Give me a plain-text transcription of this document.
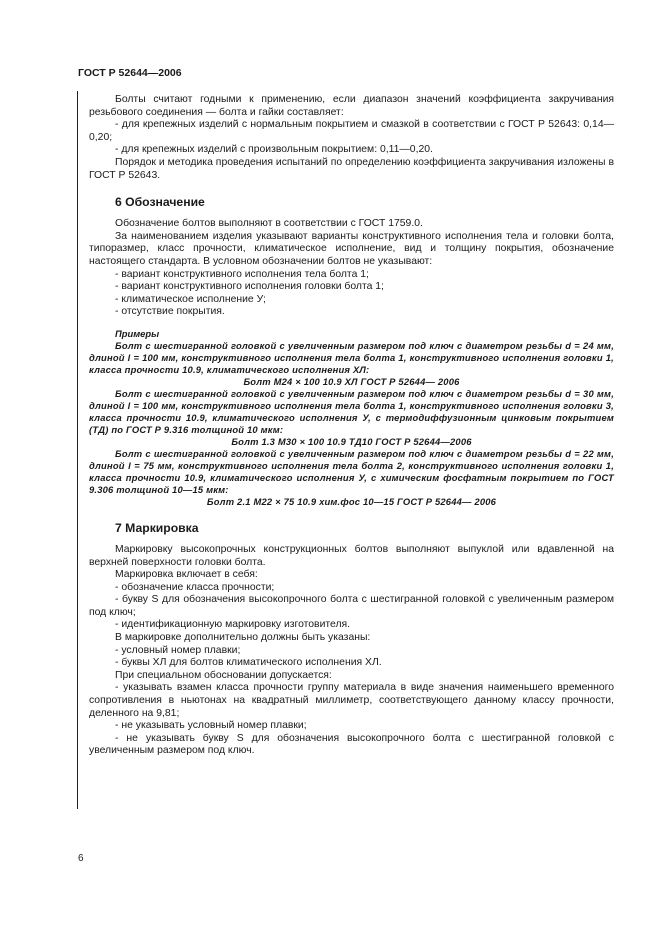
ГОСТ Р 52644—2006

Болты считают годными к применению, если диапазон значений коэффициента закручивания резьбового соединения — болта и гайки составляет:

- для крепежных изделий с нормальным покрытием и смазкой в соответствии с ГОСТ Р 52643: 0,14—0,20;

- для крепежных изделий с произвольным покрытием: 0,11—0,20.

Порядок и методика проведения испытаний по определению коэффициента закручивания изложены в ГОСТ Р 52643.

6 Обозначение

Обозначение болтов выполняют в соответствии с ГОСТ 1759.0.

За наименованием изделия указывают варианты конструктивного исполнения тела и головки болта, типоразмер, класс прочности, климатическое исполнение, вид и толщину покрытия, обозначение настоящего стандарта. В условном обозначении болтов не указывают:

- вариант конструктивного исполнения тела болта 1;

- вариант конструктивного исполнения головки болта 1;

- климатическое исполнение У;

- отсутствие покрытия.

Примеры

Болт с шестигранной головкой с увеличенным размером под ключ с диаметром резьбы d = 24 мм, длиной l = 100 мм, конструктивного исполнения тела болта 1, конструктивного исполнения головки 1, класса прочности 10.9, климатического исполнения ХЛ:

Болт М24 × 100 10.9 ХЛ ГОСТ Р 52644— 2006

Болт с шестигранной головкой с увеличенным размером под ключ с диаметром резьбы d = 30 мм, длиной l = 100 мм, конструктивного исполнения тела болта 1, конструктивного исполнения головки 3, класса прочности 10.9, климатического исполнения У, с термодиффузионным цинковым покрытием (ТД) по ГОСТ Р 9.316 толщиной 10 мкм:

Болт 1.3 М30 × 100 10.9 ТД10 ГОСТ Р 52644—2006

Болт с шестигранной головкой с увеличенным размером под ключ с диаметром резьбы d = 22 мм, длиной l = 75 мм, конструктивного исполнения тела болта 2, конструктивного исполнения головки 1, класса прочности 10.9, климатического исполнения У, с химическим фосфатным покрытием по ГОСТ 9.306 толщиной 10—15 мкм:

Болт 2.1 М22 × 75 10.9 хим.фос 10—15 ГОСТ Р 52644— 2006

7 Маркировка

Маркировку высокопрочных конструкционных болтов выполняют выпуклой или вдавленной на верхней поверхности головки болта.

Маркировка включает в себя:

- обозначение класса прочности;

- букву S для обозначения высокопрочного болта с шестигранной головкой с увеличенным размером под ключ;

- идентификационную маркировку изготовителя.

В маркировке дополнительно должны быть указаны:

- условный номер плавки;

- буквы ХЛ для болтов климатического исполнения ХЛ.

При специальном обосновании допускается:

- указывать взамен класса прочности группу материала в виде значения наименьшего временного сопротивления в ньютонах на квадратный миллиметр, соответствующего данному классу прочности, деленного на 9,81;

- не указывать условный номер плавки;

- не указывать букву S для обозначения высокопрочного болта с шестигранной головкой с увеличенным размером под ключ.

6
